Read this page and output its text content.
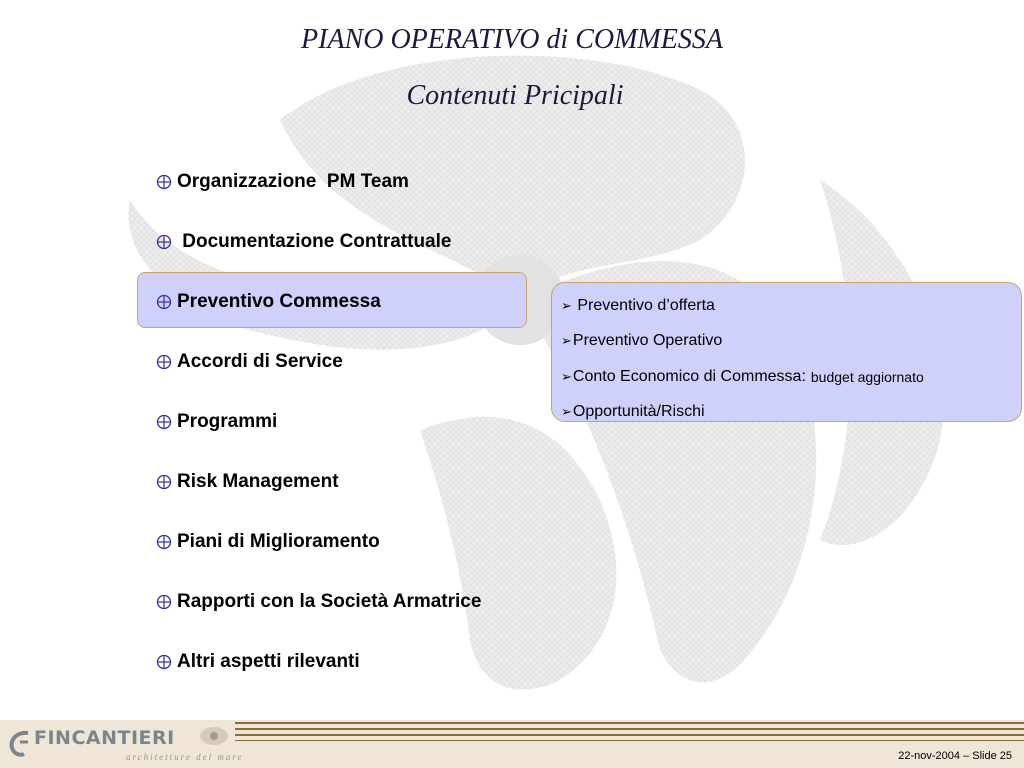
PIANO OPERATIVO di COMMESSA
Contenuti Pricipali
Organizzazione  PM Team
Documentazione Contrattuale
Preventivo Commessa
Accordi di Service
Programmi
Risk Management
Piani di Miglioramento
Rapporti con la Società Armatrice
Altri aspetti rilevanti
➢ Preventivo d’offerta
➢ Preventivo Operativo
➢ Conto Economico di Commessa: budget aggiornato
➢ Opportunità/Rischi
FINCANTIERI
architetture del mare	22-nov-2004 – Slide 25
